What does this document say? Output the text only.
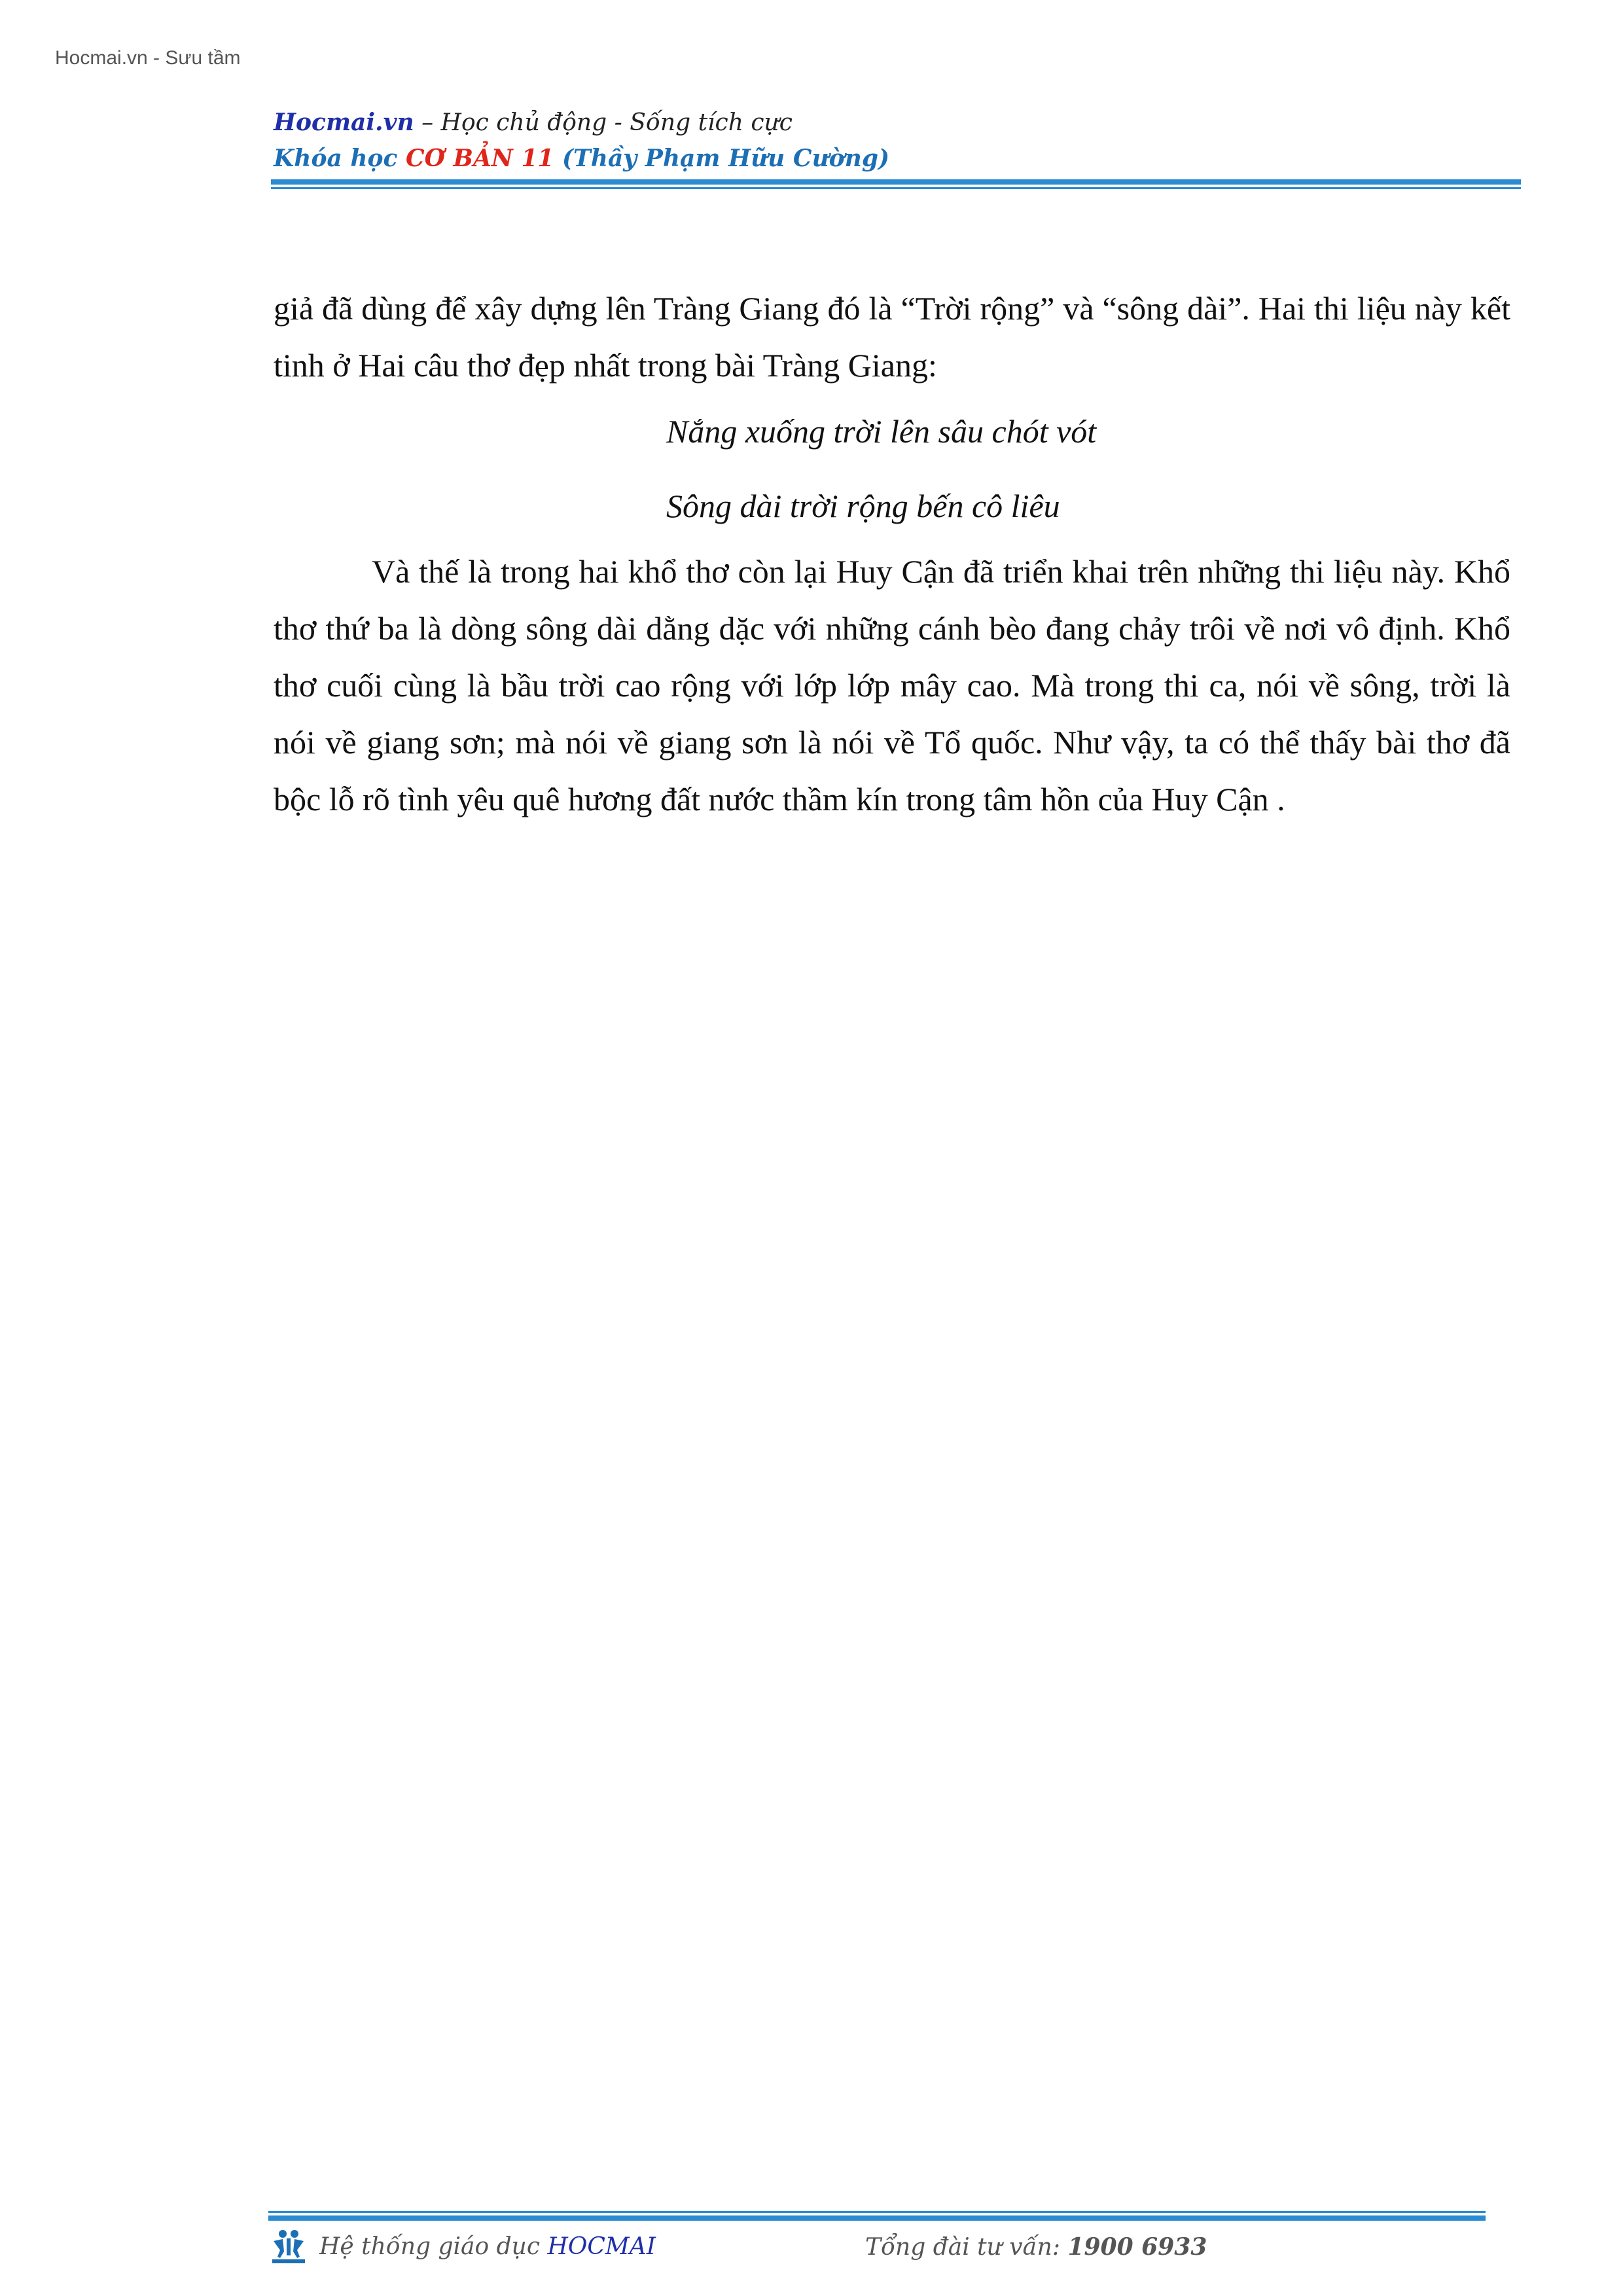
Hocmai.vn - Sưu tầm
Hocmai.vn – Học chủ động - Sống tích cực
Khóa học CƠ BẢN 11 (Thầy Phạm Hữu Cường)

giả đã dùng để xây dựng lên Tràng Giang đó là “Trời rộng” và “sông dài”. Hai thi liệu này kết tinh ở Hai câu thơ đẹp nhất trong bài Tràng Giang:

Nắng xuống trời lên sâu chót vót

Sông dài trời rộng bến cô liêu

Và thế là trong hai khổ thơ còn lại Huy Cận đã triển khai trên những thi liệu này. Khổ thơ thứ ba là dòng sông dài dằng dặc với những cánh bèo đang chảy trôi về nơi vô định. Khổ thơ cuối cùng là bầu trời cao rộng với lớp lớp mây cao. Mà trong thi ca, nói về sông, trời là nói về giang sơn; mà nói về giang sơn là nói về Tổ quốc. Như vậy, ta có thể thấy bài thơ đã bộc lỗ rõ tình yêu quê hương đất nước thầm kín trong tâm hồn của Huy Cận .

Hệ thống giáo dục HOCMAI	Tổng đài tư vấn: 1900 6933
